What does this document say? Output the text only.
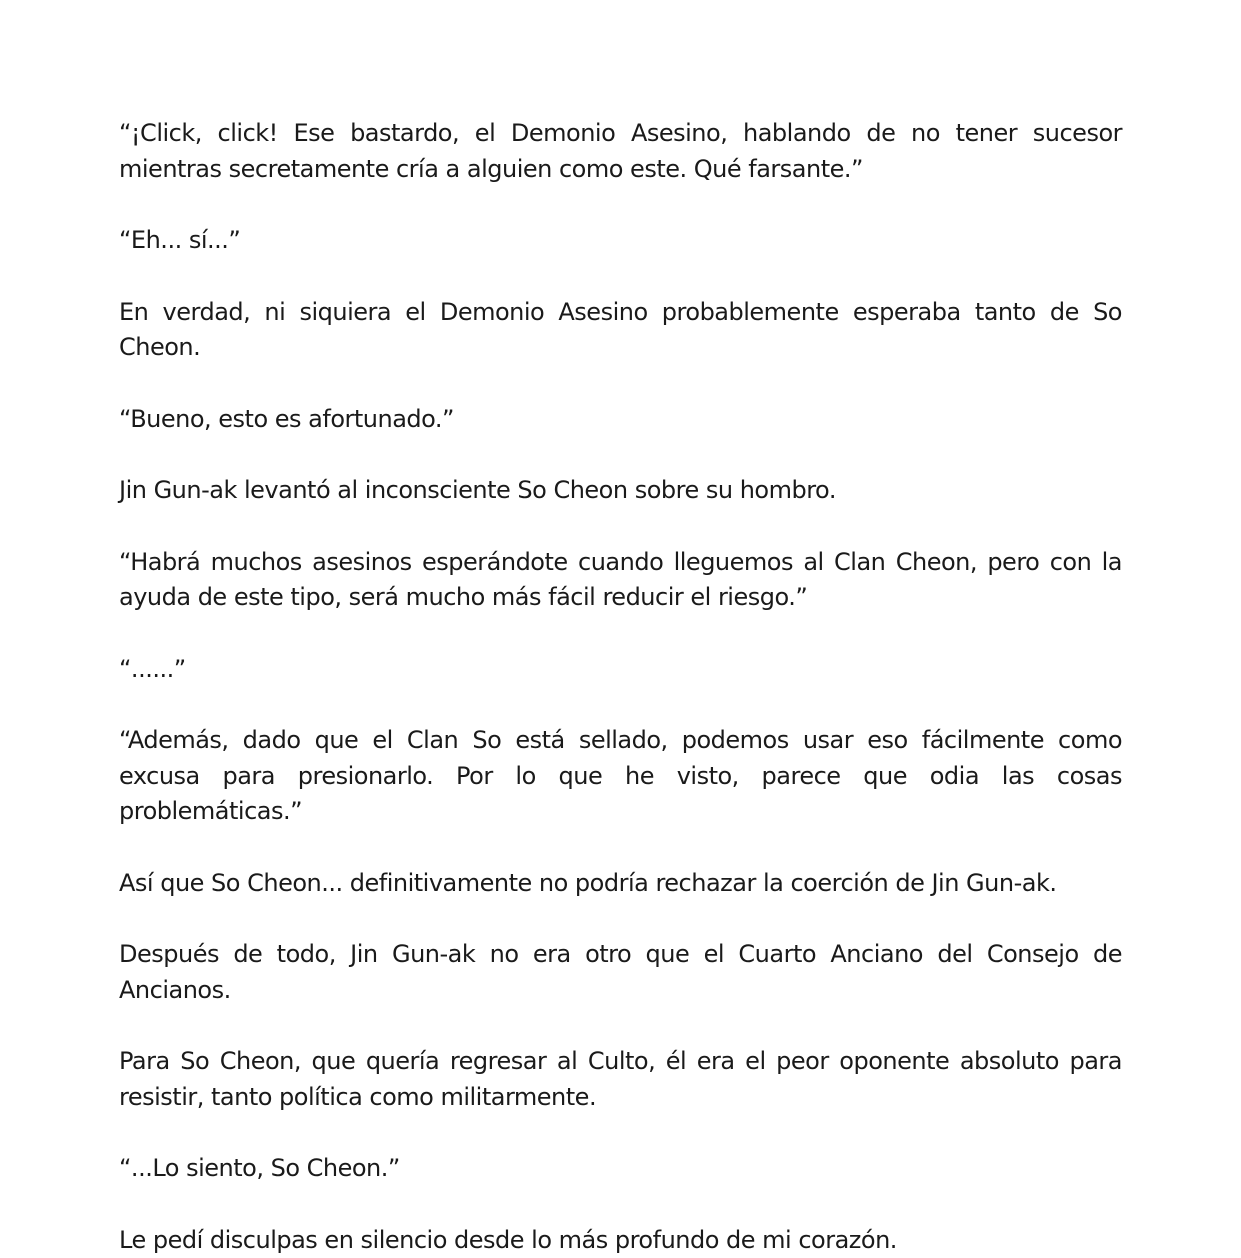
“¡Click, click! Ese bastardo, el Demonio Asesino, hablando de no tener sucesor mientras secretamente cría a alguien como este. Qué farsante.”

“Eh... sí...”

En verdad, ni siquiera el Demonio Asesino probablemente esperaba tanto de So Cheon.

“Bueno, esto es afortunado.”

Jin Gun-ak levantó al inconsciente So Cheon sobre su hombro.

“Habrá muchos asesinos esperándote cuando lleguemos al Clan Cheon, pero con la ayuda de este tipo, será mucho más fácil reducir el riesgo.”

“......”

“Además, dado que el Clan So está sellado, podemos usar eso fácilmente como excusa para presionarlo. Por lo que he visto, parece que odia las cosas problemáticas.”

Así que So Cheon... definitivamente no podría rechazar la coerción de Jin Gun-ak.

Después de todo, Jin Gun-ak no era otro que el Cuarto Anciano del Consejo de Ancianos.

Para So Cheon, que quería regresar al Culto, él era el peor oponente absoluto para resistir, tanto política como militarmente.

“...Lo siento, So Cheon.”

Le pedí disculpas en silencio desde lo más profundo de mi corazón.
